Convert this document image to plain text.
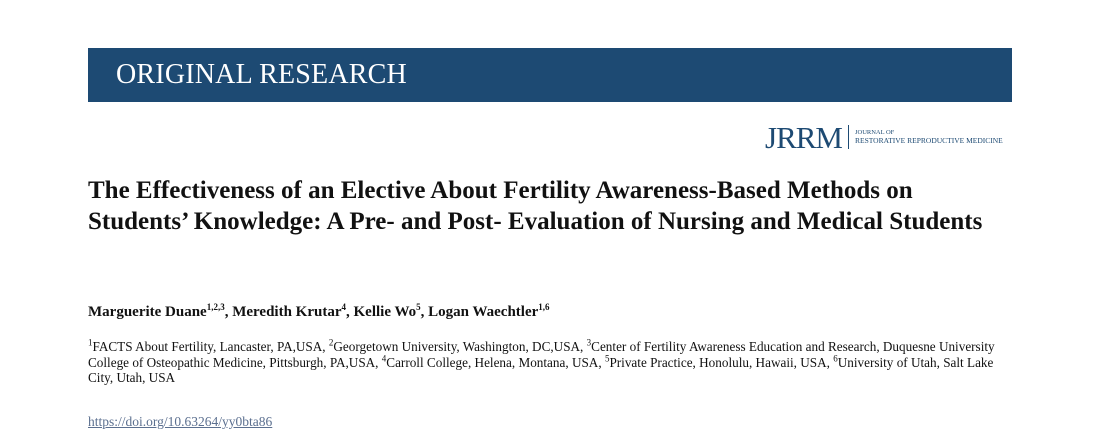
ORIGINAL RESEARCH
JRRM JOURNAL OF
RESTORATIVE REPRODUCTIVE MEDICINE
The Effectiveness of an Elective About Fertility Awareness-Based Methods on Students’ Knowledge: A Pre- and Post- Evaluation of Nursing and Medical Students
Marguerite Duane$^{1,2,3}$, Meredith Krutar$^4$, Kellie Wo$^5$, Logan Waechtler$^{1,6}$
$^1$FACTS About Fertility, Lancaster, PA,USA, $^2$Georgetown University, Washington, DC,USA, $^3$Center of Fertility Awareness Education and Research, Duquesne University College of Osteopathic Medicine, Pittsburgh, PA,USA, $^4$Carroll College, Helena, Montana, USA, $^5$Private Practice, Honolulu, Hawaii, USA, $^6$University of Utah, Salt Lake City, Utah, USA
https://doi.org/10.63264/yy0bta86
